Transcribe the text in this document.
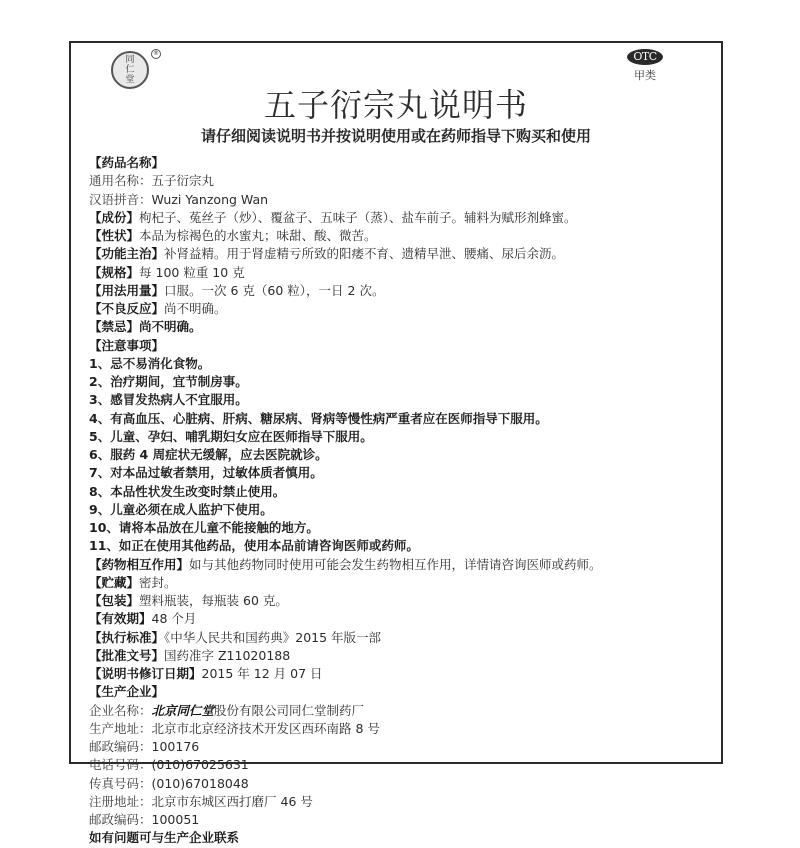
同
仁
堂
®	OTC
甲类
五子衍宗丸说明书
请仔细阅读说明书并按说明使用或在药师指导下购买和使用
【药品名称】
通用名称：五子衍宗丸
汉语拼音：Wuzi Yanzong Wan
【成份】枸杞子、菟丝子（炒）、覆盆子、五味子（蒸）、盐车前子。辅料为赋形剂蜂蜜。
【性状】本品为棕褐色的水蜜丸；味甜、酸、微苦。
【功能主治】补肾益精。用于肾虚精亏所致的阳痿不育、遗精早泄、腰痛、尿后余沥。
【规格】每 100 粒重 10 克
【用法用量】口服。一次 6 克（60 粒），一日 2 次。
【不良反应】尚不明确。
【禁忌】尚不明确。
【注意事项】
1、忌不易消化食物。
2、治疗期间，宜节制房事。
3、感冒发热病人不宜服用。
4、有高血压、心脏病、肝病、糖尿病、肾病等慢性病严重者应在医师指导下服用。
5、儿童、孕妇、哺乳期妇女应在医师指导下服用。
6、服药 4 周症状无缓解，应去医院就诊。
7、对本品过敏者禁用，过敏体质者慎用。
8、本品性状发生改变时禁止使用。
9、儿童必须在成人监护下使用。
10、请将本品放在儿童不能接触的地方。
11、如正在使用其他药品，使用本品前请咨询医师或药师。
【药物相互作用】如与其他药物同时使用可能会发生药物相互作用，详情请咨询医师或药师。
【贮藏】密封。
【包装】塑料瓶装，每瓶装 60 克。
【有效期】48 个月
【执行标准】《中华人民共和国药典》2015 年版一部
【批准文号】国药准字 Z11020188
【说明书修订日期】2015 年 12 月 07 日
【生产企业】
企业名称：北京同仁堂股份有限公司同仁堂制药厂
生产地址：北京市北京经济技术开发区西环南路 8 号
邮政编码：100176
电话号码：(010)67025631
传真号码：(010)67018048
注册地址：北京市东城区西打磨厂 46 号
邮政编码：100051
如有问题可与生产企业联系
